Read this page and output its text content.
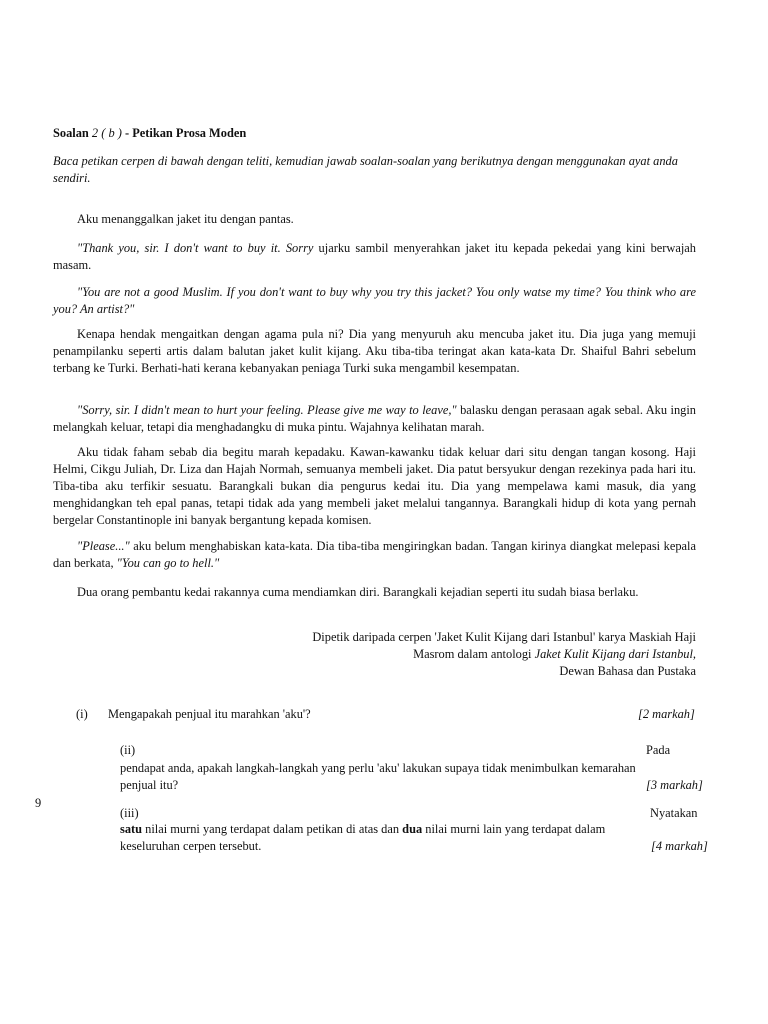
Soalan 2 ( b ) - Petikan Prosa Moden
Baca petikan cerpen di bawah dengan teliti, kemudian jawab soalan-soalan yang berikutnya dengan menggunakan ayat anda sendiri.

Aku menanggalkan jaket itu dengan pantas.

"Thank you, sir. I don't want to buy it. Sorry ujarku sambil menyerahkan jaket itu kepada pekedai yang kini berwajah masam.

"You are not a good Muslim. If you don't want to buy why you try this jacket? You only watse my time? You think who are you? An artist?"

Kenapa hendak mengaitkan dengan agama pula ni? Dia yang menyuruh aku mencuba jaket itu. Dia juga yang memuji penampilanku seperti artis dalam balutan jaket kulit kijang. Aku tiba-tiba teringat akan kata-kata Dr. Shaiful Bahri sebelum terbang ke Turki. Berhati-hati kerana kebanyakan peniaga Turki suka mengambil kesempatan.

"Sorry, sir. I didn't mean to hurt your feeling. Please give me way to leave," balasku dengan perasaan agak sebal. Aku ingin melangkah keluar, tetapi dia menghadangku di muka pintu. Wajahnya kelihatan marah.

Aku tidak faham sebab dia begitu marah kepadaku. Kawan-kawanku tidak keluar dari situ dengan tangan kosong. Haji Helmi, Cikgu Juliah, Dr. Liza dan Hajah Normah, semuanya membeli jaket. Dia patut bersyukur dengan rezekinya pada hari itu. Tiba-tiba aku terfikir sesuatu. Barangkali bukan dia pengurus kedai itu. Dia yang mempelawa kami masuk, dia yang menghidangkan teh epal panas, tetapi tidak ada yang membeli jaket melalui tangannya. Barangkali hidup di kota yang pernah bergelar Constantinople ini banyak bergantung kepada komisen.

"Please..." aku belum menghabiskan kata-kata. Dia tiba-tiba mengiringkan badan. Tangan kirinya diangkat melepasi kepala dan berkata, "You can go to hell."

Dua orang pembantu kedai rakannya cuma mendiamkan diri. Barangkali kejadian seperti itu sudah biasa berlaku.

Dipetik daripada cerpen 'Jaket Kulit Kijang dari Istanbul' karya Maskiah Haji
Masrom dalam antologi Jaket Kulit Kijang dari Istanbul,
Dewan Bahasa dan Pustaka
(i) Mengapakah penjual itu marahkan 'aku'?	[2 markah]
(ii)	Pada
pendapat anda, apakah langkah-langkah yang perlu 'aku' lakukan supaya tidak menimbulkan kemarahan
penjual itu?	[3 markah]
(iii)	Nyatakan
satu nilai murni yang terdapat dalam petikan di atas dan dua nilai murni lain yang terdapat dalam
keseluruhan cerpen tersebut.	[4 markah]
9
